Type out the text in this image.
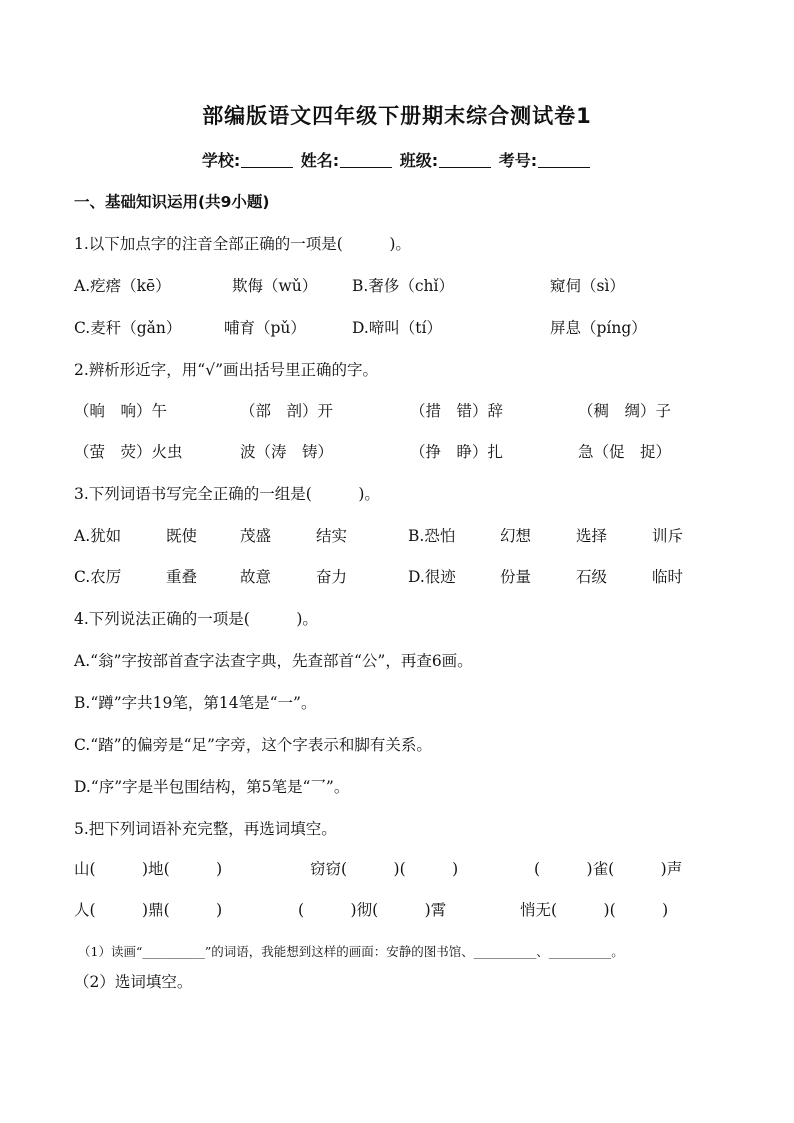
部编版语文四年级下册期末综合测试卷1
学校:	姓名:	班级:	考号:
一、基础知识运用(共9小题)
1.以下加点字的注音全部正确的一项是(　　　)。
A.疙瘩（kē）	欺侮（wǔ） B.奢侈（chǐ）	窥伺（sì）
C.麦秆（gǎn）	哺育（pǔ）	D.啼叫（tí）	屏息（píng）
2.辨析形近字，用“√”画出括号里正确的字。
（晌　响）午	（部　剖）开	（措　错）辞	（稠　绸）子
（萤　荧）火虫	波（涛　铸）	（挣　睁）扎	急（促　捉）
3.下列词语书写完全正确的一组是(　　　)。
A.犹如	既使	茂盛	结实	B.恐怕	幻想	选择	训斥
C.农厉	重叠	故意	奋力	D.很迹	份量	石级	临时
4.下列说法正确的一项是(　　　)。
A.“翁”字按部首查字法查字典，先查部首“公”，再查6画。
B.“蹲”字共19笔，第14笔是“一”。
C.“踏”的偏旁是“足”字旁，这个字表示和脚有关系。
D.“序”字是半包围结构，第5笔是“乛”。
5.把下列词语补充完整，再选词填空。
山(　　　)地(　　　)	窃窃(　　　)(　　　)	(　　　)雀(　　　)声
人(　　　)鼎(　　　)	(　　　)彻(　　　)霄	悄无(　　　)(　　　)
（1）读画“__________”的词语，我能想到这样的画面：安静的图书馆、__________、__________。
（2）选词填空。
